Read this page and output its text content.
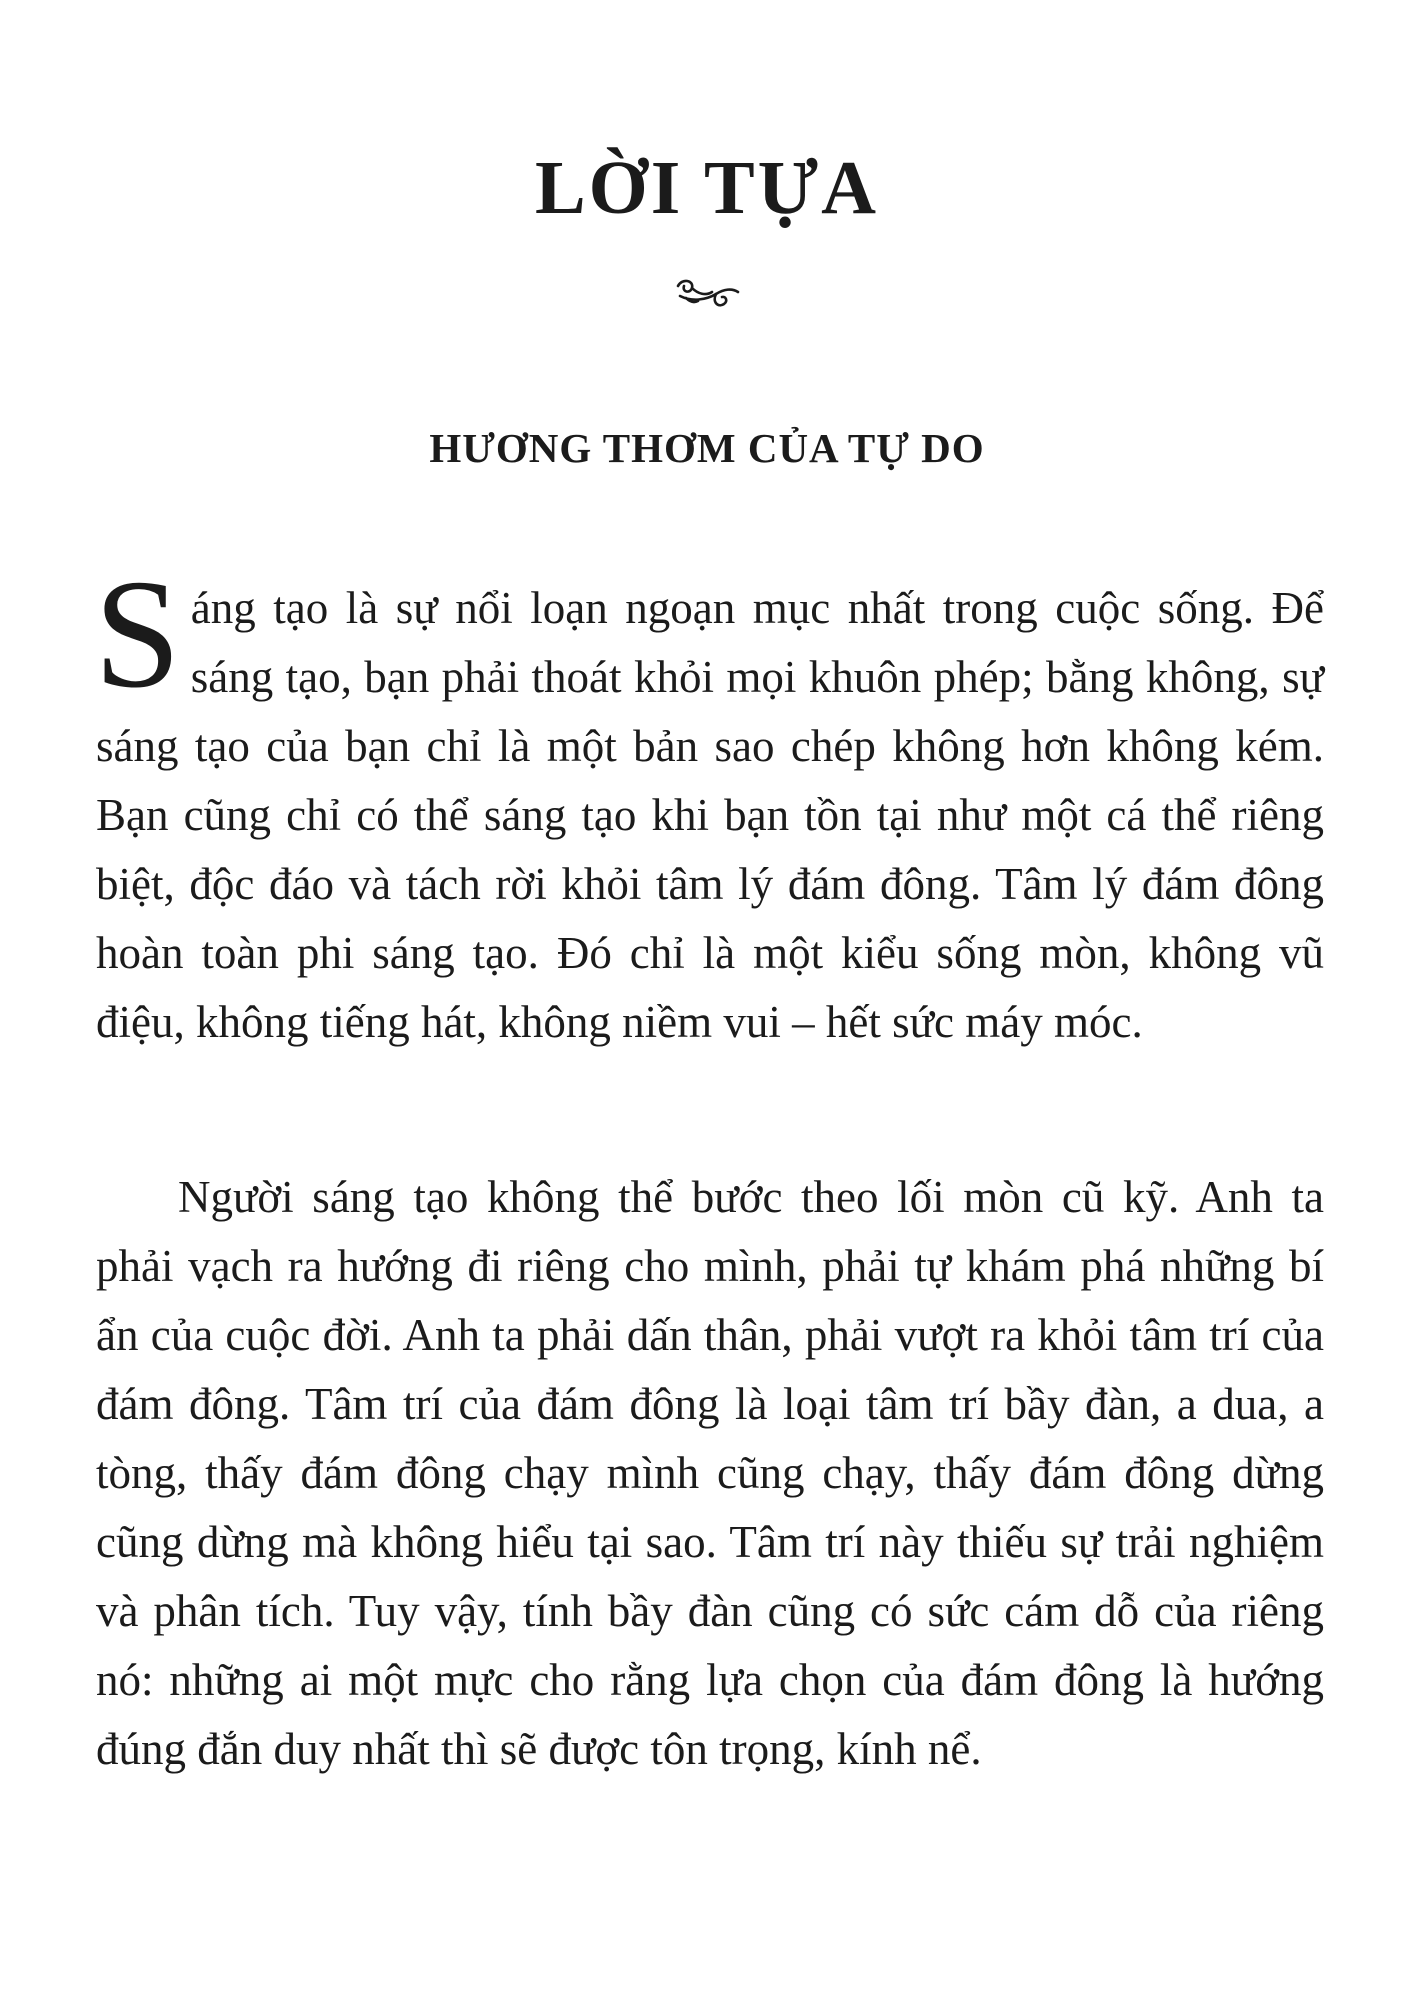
LỜI TỰA
HƯƠNG THƠM CỦA TỰ DO

Sáng tạo là sự nổi loạn ngoạn mục nhất trong cuộc sống. Để sáng tạo, bạn phải thoát khỏi mọi khuôn phép; bằng không, sự sáng tạo của bạn chỉ là một bản sao chép không hơn không kém. Bạn cũng chỉ có thể sáng tạo khi bạn tồn tại như một cá thể riêng biệt, độc đáo và tách rời khỏi tâm lý đám đông. Tâm lý đám đông hoàn toàn phi sáng tạo. Đó chỉ là một kiểu sống mòn, không vũ điệu, không tiếng hát, không niềm vui – hết sức máy móc.

Người sáng tạo không thể bước theo lối mòn cũ kỹ. Anh ta phải vạch ra hướng đi riêng cho mình, phải tự khám phá những bí ẩn của cuộc đời. Anh ta phải dấn thân, phải vượt ra khỏi tâm trí của đám đông. Tâm trí của đám đông là loại tâm trí bầy đàn, a dua, a tòng, thấy đám đông chạy mình cũng chạy, thấy đám đông dừng cũng dừng mà không hiểu tại sao. Tâm trí này thiếu sự trải nghiệm và phân tích. Tuy vậy, tính bầy đàn cũng có sức cám dỗ của riêng nó: những ai một mực cho rằng lựa chọn của đám đông là hướng đúng đắn duy nhất thì sẽ được tôn trọng, kính nể.
